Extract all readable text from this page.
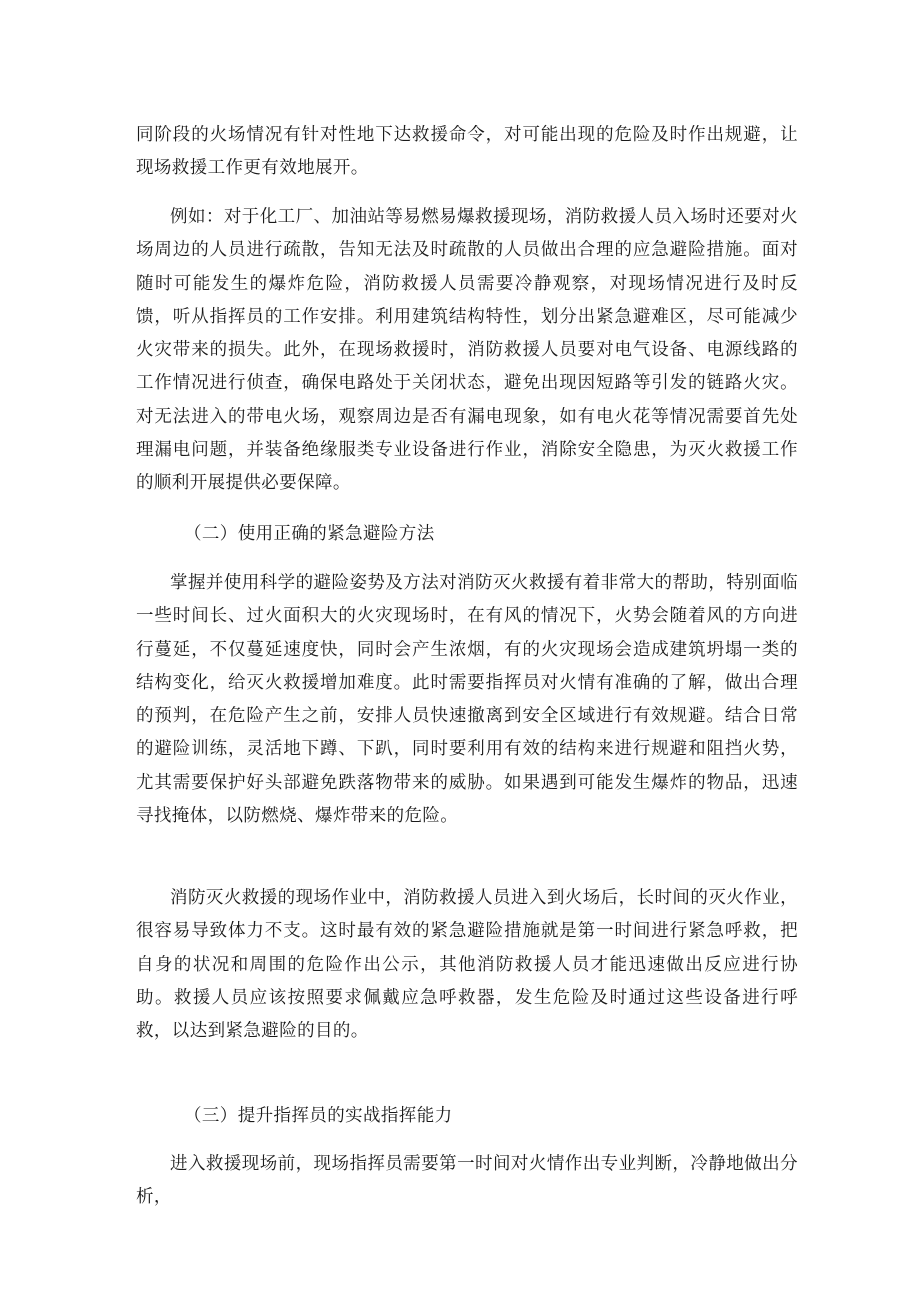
同阶段的火场情况有针对性地下达救援命令，对可能出现的危险及时作出规避，让现场救援工作更有效地展开。

例如：对于化工厂、加油站等易燃易爆救援现场，消防救援人员入场时还要对火场周边的人员进行疏散，告知无法及时疏散的人员做出合理的应急避险措施。面对随时可能发生的爆炸危险，消防救援人员需要冷静观察，对现场情况进行及时反馈，听从指挥员的工作安排。利用建筑结构特性，划分出紧急避难区，尽可能减少火灾带来的损失。此外，在现场救援时，消防救援人员要对电气设备、电源线路的工作情况进行侦查，确保电路处于关闭状态，避免出现因短路等引发的链路火灾。对无法进入的带电火场，观察周边是否有漏电现象，如有电火花等情况需要首先处理漏电问题，并装备绝缘服类专业设备进行作业，消除安全隐患，为灭火救援工作的顺利开展提供必要保障。

（二）使用正确的紧急避险方法

掌握并使用科学的避险姿势及方法对消防灭火救援有着非常大的帮助，特别面临一些时间长、过火面积大的火灾现场时，在有风的情况下，火势会随着风的方向进行蔓延，不仅蔓延速度快，同时会产生浓烟，有的火灾现场会造成建筑坍塌一类的结构变化，给灭火救援增加难度。此时需要指挥员对火情有准确的了解，做出合理的预判，在危险产生之前，安排人员快速撤离到安全区域进行有效规避。结合日常的避险训练，灵活地下蹲、下趴，同时要利用有效的结构来进行规避和阻挡火势，尤其需要保护好头部避免跌落物带来的威胁。如果遇到可能发生爆炸的物品，迅速寻找掩体，以防燃烧、爆炸带来的危险。

消防灭火救援的现场作业中，消防救援人员进入到火场后，长时间的灭火作业，很容易导致体力不支。这时最有效的紧急避险措施就是第一时间进行紧急呼救，把自身的状况和周围的危险作出公示，其他消防救援人员才能迅速做出反应进行协助。救援人员应该按照要求佩戴应急呼救器，发生危险及时通过这些设备进行呼救，以达到紧急避险的目的。

（三）提升指挥员的实战指挥能力

进入救援现场前，现场指挥员需要第一时间对火情作出专业判断，冷静地做出分析，
